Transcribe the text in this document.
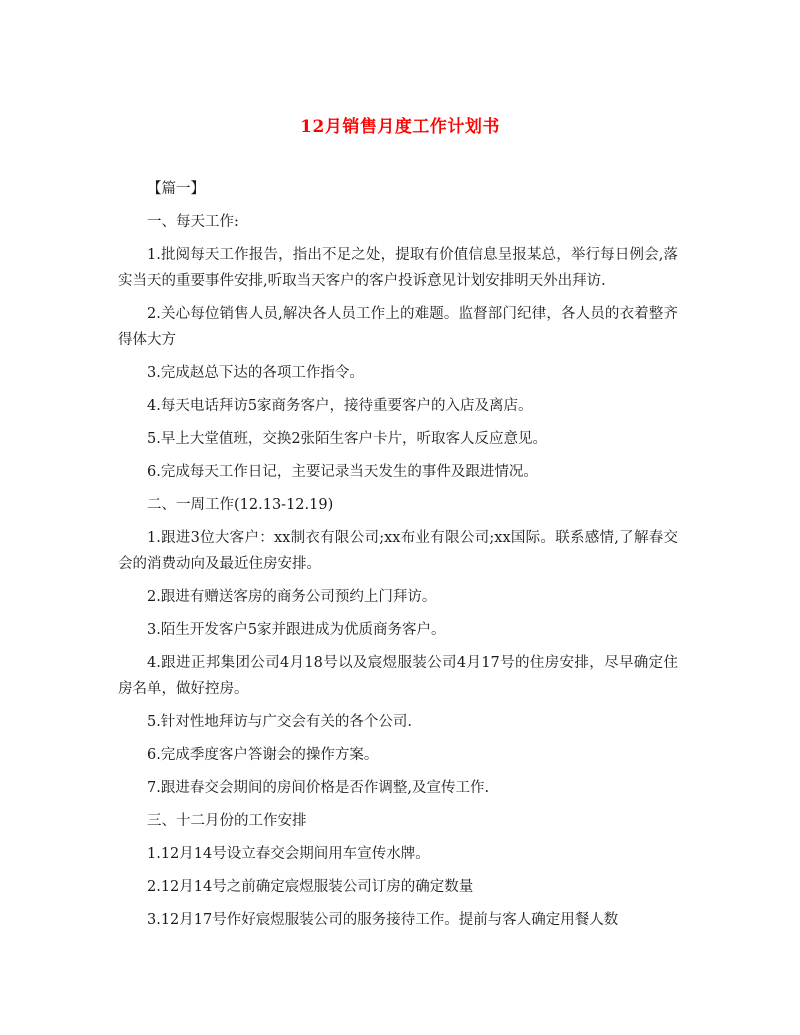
12月销售月度工作计划书

【篇一】

一、每天工作:

1.批阅每天工作报告，指出不足之处，提取有价值信息呈报某总，举行每日例会,落实当天的重要事件安排,听取当天客户的客户投诉意见计划安排明天外出拜访.

2.关心每位销售人员,解决各人员工作上的难题。监督部门纪律，各人员的衣着整齐得体大方

3.完成赵总下达的各项工作指令。

4.每天电话拜访5家商务客户，接待重要客户的入店及离店。

5.早上大堂值班，交换2张陌生客户卡片，听取客人反应意见。

6.完成每天工作日记，主要记录当天发生的事件及跟进情况。

二、一周工作(12.13-12.19)

1.跟进3位大客户：xx制衣有限公司;xx布业有限公司;xx国际。联系感情,了解春交会的消费动向及最近住房安排。

2.跟进有赠送客房的商务公司预约上门拜访。

3.陌生开发客户5家并跟进成为优质商务客户。

4.跟进正邦集团公司4月18号以及宸煜服装公司4月17号的住房安排，尽早确定住房名单，做好控房。

5.针对性地拜访与广交会有关的各个公司.

6.完成季度客户答谢会的操作方案。

7.跟进春交会期间的房间价格是否作调整,及宣传工作.

三、十二月份的工作安排

1.12月14号设立春交会期间用车宣传水牌。

2.12月14号之前确定宸煜服装公司订房的确定数量

3.12月17号作好宸煜服装公司的服务接待工作。提前与客人确定用餐人数
